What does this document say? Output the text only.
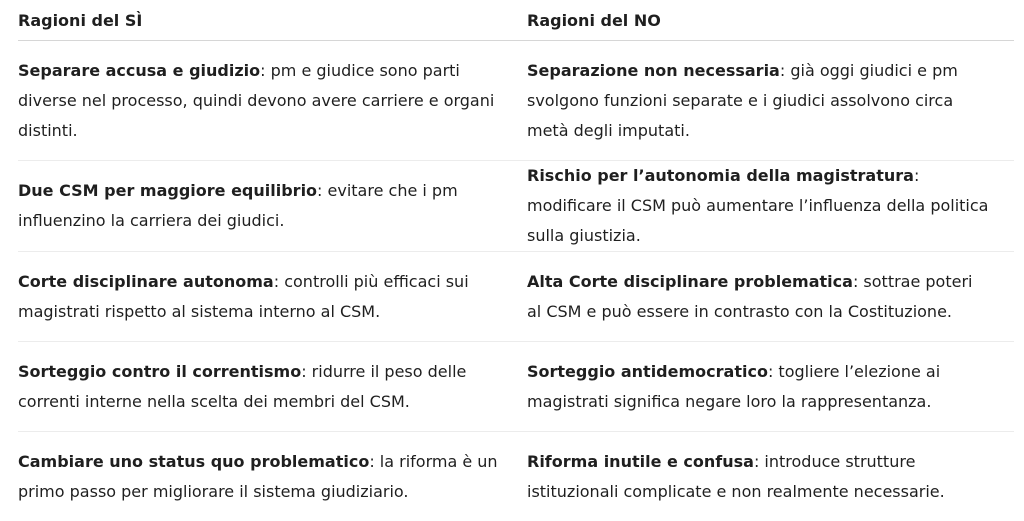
Ragioni del SÌ	Ragioni del NO

Separare accusa e giudizio: pm e giudice sono parti diverse nel processo, quindi devono avere carriere e organi distinti.	Separazione non necessaria: già oggi giudici e pm svolgono funzioni separate e i giudici assolvono circa metà degli imputati.

Due CSM per maggiore equilibrio: evitare che i pm influenzino la carriera dei giudici.	Rischio per l’autonomia della magistratura: modificare il CSM può aumentare l’influenza della politica sulla giustizia.

Corte disciplinare autonoma: controlli più efficaci sui magistrati rispetto al sistema interno al CSM.	Alta Corte disciplinare problematica: sottrae poteri al CSM e può essere in contrasto con la Costituzione.

Sorteggio contro il correntismo: ridurre il peso delle correnti interne nella scelta dei membri del CSM.	Sorteggio antidemocratico: togliere l’elezione ai magistrati significa negare loro la rappresentanza.

Cambiare uno status quo problematico: la riforma è un primo passo per migliorare il sistema giudiziario.	Riforma inutile e confusa: introduce strutture istituzionali complicate e non realmente necessarie.
